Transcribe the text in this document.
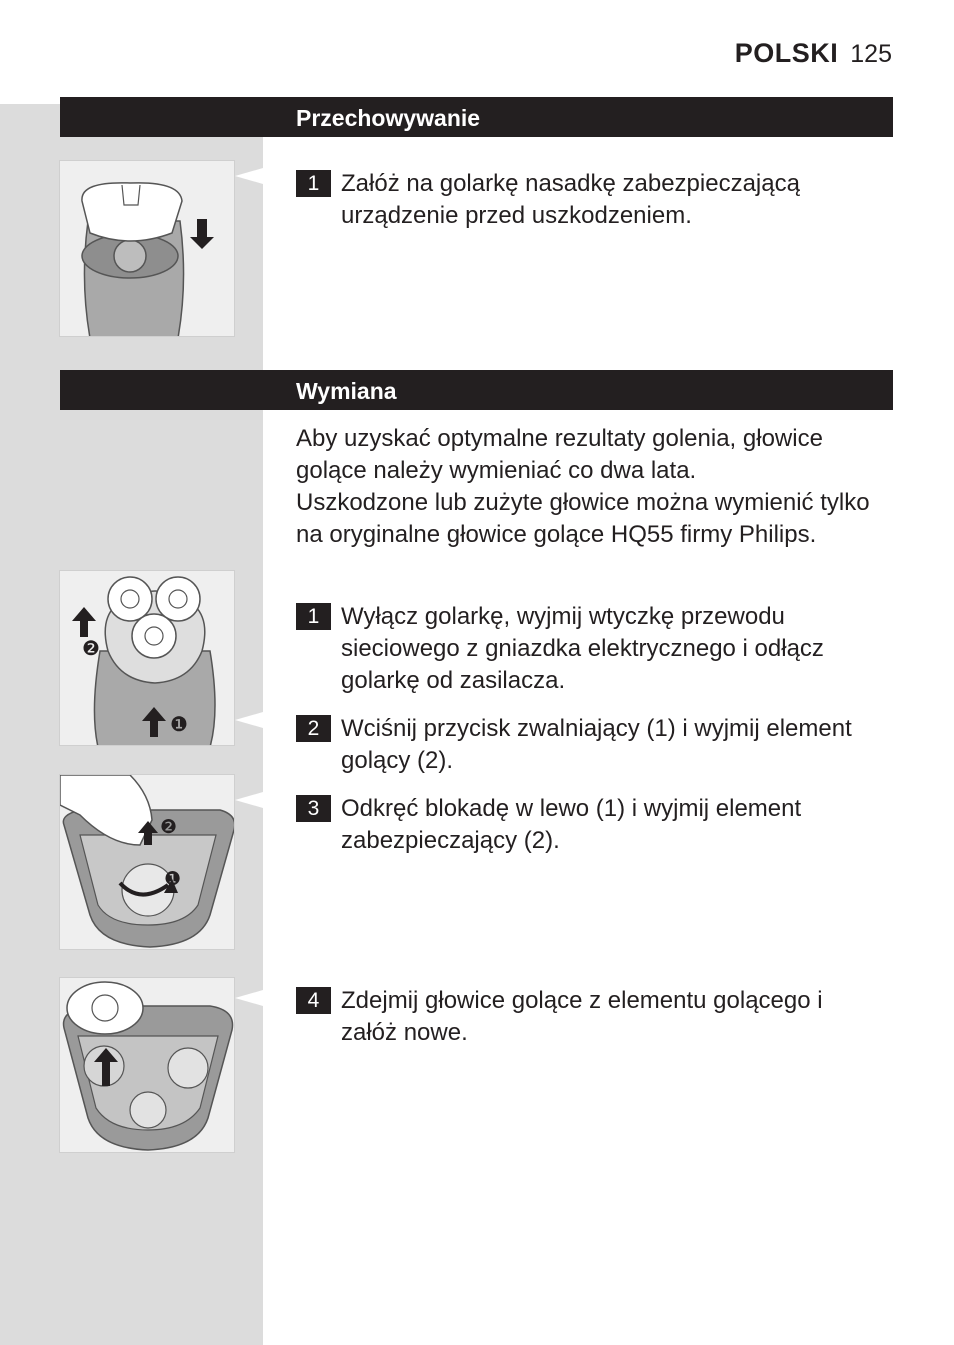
POLSKI 125
Przechowywanie
1 Załóż na golarkę nasadkę zabezpieczającą urządzenie przed uszkodzeniem.
Wymiana
Aby uzyskać optymalne rezultaty golenia, głowice golące należy wymieniać co dwa lata.
Uszkodzone lub zużyte głowice można wymienić tylko na oryginalne głowice golące HQ55 firmy Philips.
❷
❶
1 Wyłącz golarkę, wyjmij wtyczkę przewodu sieciowego z gniazdka elektrycznego i odłącz golarkę od zasilacza.
2 Wciśnij przycisk zwalniający (1) i wyjmij element golący (2).
❷
❶
3 Odkręć blokadę w lewo (1) i wyjmij element zabezpieczający (2).
4 Zdejmij głowice golące z elementu golącego i załóż nowe.
